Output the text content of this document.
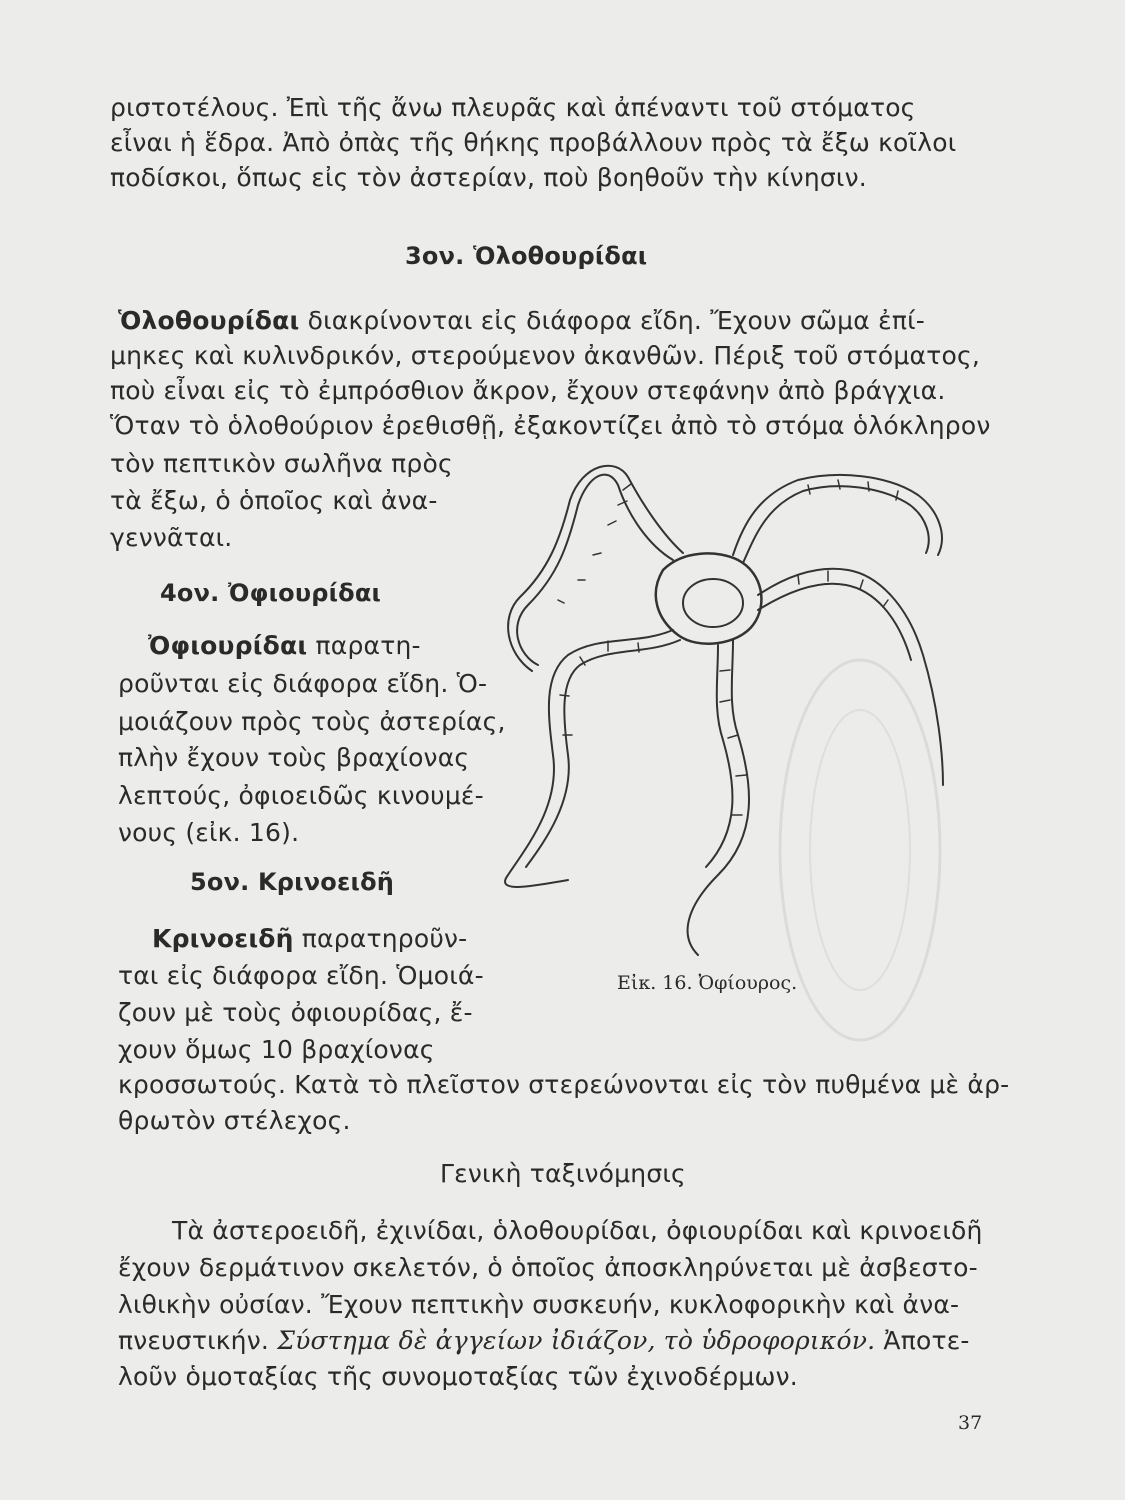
ριστοτέλους. Ἐπὶ τῆς ἄνω πλευρᾶς καὶ ἀπέναντι τοῦ στόματος
εἶναι ἡ ἕδρα. Ἀπὸ ὀπὰς τῆς θήκης προβάλλουν πρὸς τὰ ἔξω κοῖλοι
ποδίσκοι, ὅπως εἰς τὸν ἀστερίαν, ποὺ βοηθοῦν τὴν κίνησιν.
3ον. Ὁλοθουρίδαι
Ὁλοθουρίδαι διακρίνονται εἰς διάφορα εἴδη. Ἔχουν σῶμα ἐπί-
μηκες καὶ κυλινδρικόν, στερούμενον ἀκανθῶν. Πέριξ τοῦ στόματος,
ποὺ εἶναι εἰς τὸ ἐμπρόσθιον ἄκρον, ἔχουν στεφάνην ἀπὸ βράγχια.
Ὅταν τὸ ὁλοθούριον ἐρεθισθῇ, ἐξακοντίζει ἀπὸ τὸ στόμα ὁλόκληρον
τὸν πεπτικὸν σωλῆνα πρὸς
τὰ ἔξω, ὁ ὁποῖος καὶ ἀνα-
γεννᾶται.
4ον. Ὀφιουρίδαι
Ὀφιουρίδαι παρατη-
ροῦνται εἰς διάφορα εἴδη. Ὁ-
μοιάζουν πρὸς τοὺς ἀστερίας,
πλὴν ἔχουν τοὺς βραχίονας
λεπτούς, ὀφιοειδῶς κινουμέ-
νους (εἰκ. 16).
5ον. Κρινοειδῆ
Κρινοειδῆ παρατηροῦν-
ται εἰς διάφορα εἴδη. Ὁμοιά-
ζουν μὲ τοὺς ὀφιουρίδας, ἔ-
χουν ὅμως 10 βραχίονας
κροσσωτούς. Κατὰ τὸ πλεῖστον στερεώνονται εἰς τὸν πυθμένα μὲ ἀρ-
θρωτὸν στέλεχος.
Γενικὴ ταξινόμησις
Τὰ ἀστεροειδῆ, ἐχινίδαι, ὁλοθουρίδαι, ὀφιουρίδαι καὶ κρινοειδῆ
ἔχουν δερμάτινον σκελετόν, ὁ ὁποῖος ἀποσκληρύνεται μὲ ἀσβεστο-
λιθικὴν οὐσίαν. Ἔχουν πεπτικὴν συσκευήν, κυκλοφορικὴν καὶ ἀνα-
πνευστικήν. Σύστημα δὲ ἀγγείων ἰδιάζον, τὸ ὑδροφορικόν. Ἀποτε-
λοῦν ὁμοταξίας τῆς συνομοταξίας τῶν ἐχινοδέρμων.
Εἰκ. 16. Ὀφίουρος.
37
